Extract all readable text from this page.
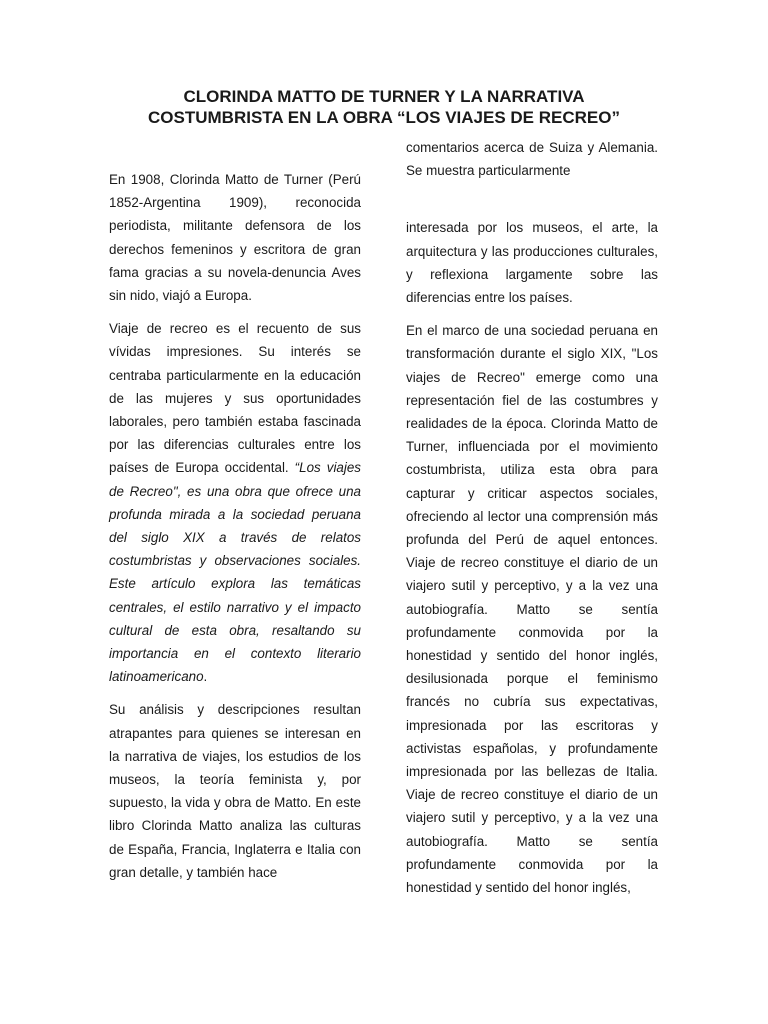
CLORINDA MATTO DE TURNER Y LA NARRATIVA
COSTUMBRISTA EN LA OBRA “LOS VIAJES DE RECREO”

En 1908, Clorinda Matto de Turner (Perú 1852-Argentina 1909), reconocida periodista, militante defensora de los derechos femeninos y escritora de gran fama gracias a su novela-denuncia Aves sin nido, viajó a Europa.

Viaje de recreo es el recuento de sus vívidas impresiones. Su interés se centraba particularmente en la educación de las mujeres y sus oportunidades laborales, pero también estaba fascinada por las diferencias culturales entre los países de Europa occidental. “Los viajes de Recreo", es una obra que ofrece una profunda mirada a la sociedad peruana del siglo XIX a través de relatos costumbristas y observaciones sociales. Este artículo explora las temáticas centrales, el estilo narrativo y el impacto cultural de esta obra, resaltando su importancia en el contexto literario latinoamericano.

Su análisis y descripciones resultan atrapantes para quienes se interesan en la narrativa de viajes, los estudios de los museos, la teoría feminista y, por supuesto, la vida y obra de Matto. En este libro Clorinda Matto analiza las culturas de España, Francia, Inglaterra e Italia con gran detalle, y también hace

comentarios acerca de Suiza y Alemania. Se muestra particularmente

interesada por los museos, el arte, la arquitectura y las producciones culturales, y reflexiona largamente sobre las diferencias entre los países.

En el marco de una sociedad peruana en transformación durante el siglo XIX, "Los viajes de Recreo" emerge como una representación fiel de las costumbres y realidades de la época. Clorinda Matto de Turner, influenciada por el movimiento costumbrista, utiliza esta obra para capturar y criticar aspectos sociales, ofreciendo al lector una comprensión más profunda del Perú de aquel entonces. Viaje de recreo constituye el diario de un viajero sutil y perceptivo, y a la vez una autobiografía. Matto se sentía profundamente conmovida por la honestidad y sentido del honor inglés, desilusionada porque el feminismo francés no cubría sus expectativas, impresionada por las escritoras y activistas españolas, y profundamente impresionada por las bellezas de Italia. Viaje de recreo constituye el diario de un viajero sutil y perceptivo, y a la vez una autobiografía. Matto se sentía profundamente conmovida por la honestidad y sentido del honor inglés,
